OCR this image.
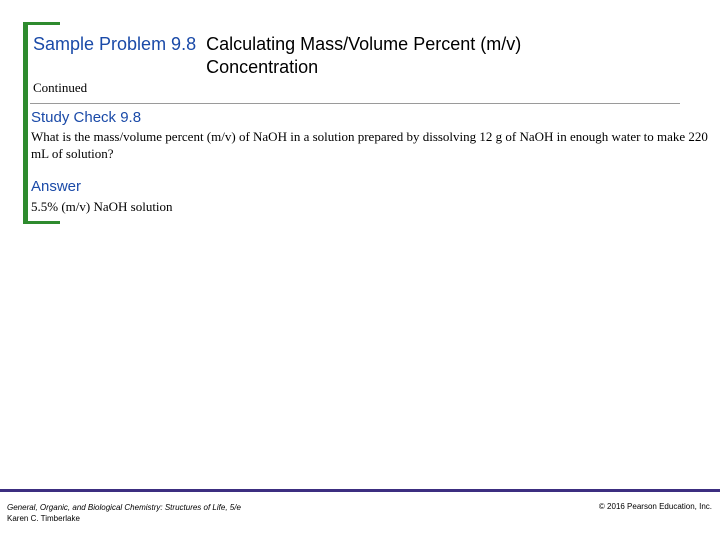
Sample Problem 9.8 Calculating Mass/Volume Percent (m/v) Concentration
Continued
Study Check 9.8
What is the mass/volume percent (m/v) of NaOH in a solution prepared by dissolving 12 g of NaOH in enough water to make 220 mL of solution?
Answer
5.5% (m/v) NaOH solution
General, Organic, and Biological Chemistry: Structures of Life, 5/e
Karen C. Timberlake
© 2016 Pearson Education, Inc.
